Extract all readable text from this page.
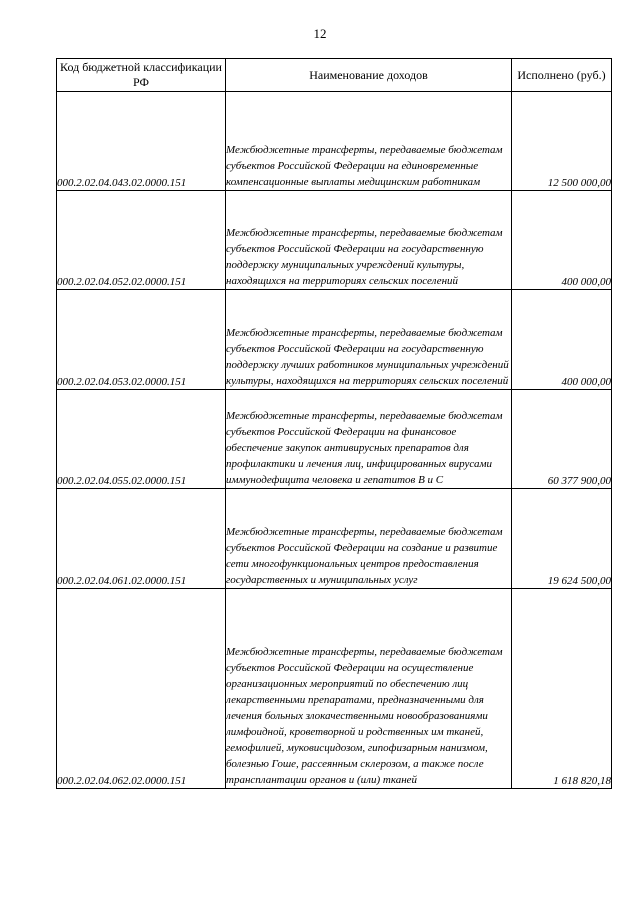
12
Код бюджетной классификации РФ	Наименование доходов	Исполнено (руб.)
000.2.02.04.043.02.0000.151	Межбюджетные трансферты, передаваемые бюджетам субъектов Российской Федерации на единовременные компенсационные выплаты медицинским работникам	12 500 000,00
000.2.02.04.052.02.0000.151	Межбюджетные трансферты, передаваемые бюджетам субъектов Российской Федерации на государственную поддержку муниципальных учреждений культуры, находящихся на территориях сельских поселений	400 000,00
000.2.02.04.053.02.0000.151	Межбюджетные трансферты, передаваемые бюджетам субъектов Российской Федерации на государственную поддержку лучших работников муниципальных учреждений культуры, находящихся на территориях сельских поселений	400 000,00
000.2.02.04.055.02.0000.151	Межбюджетные трансферты, передаваемые бюджетам субъектов Российской Федерации на финансовое обеспечение закупок антивирусных препаратов для профилактики и лечения лиц, инфицированных вирусами иммунодефицита человека и гепатитов В и С	60 377 900,00
000.2.02.04.061.02.0000.151	Межбюджетные трансферты, передаваемые бюджетам субъектов Российской Федерации на создание и развитие сети многофункциональных центров предоставления государственных и муниципальных услуг	19 624 500,00
000.2.02.04.062.02.0000.151	Межбюджетные трансферты, передаваемые бюджетам субъектов Российской Федерации на осуществление организационных мероприятий по обеспечению лиц лекарственными препаратами, предназначенными для лечения больных злокачественными новообразованиями лимфоидной, кроветворной и родственных им тканей, гемофилией, муковисцидозом, гипофизарным нанизмом, болезнью Гоше, рассеянным склерозом, а также после трансплантации органов и (или) тканей	1 618 820,18
